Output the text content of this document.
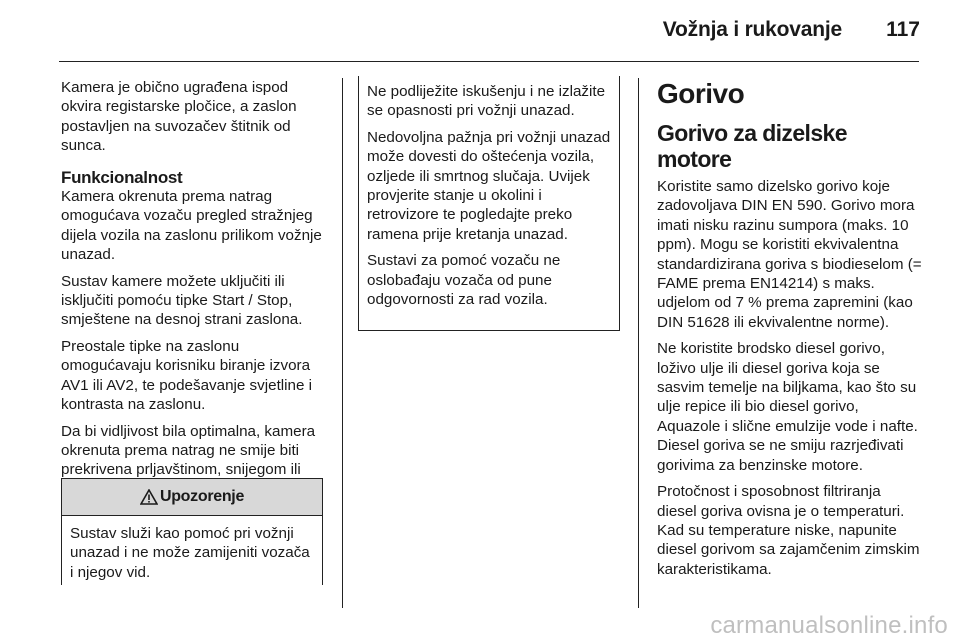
Vožnja i rukovanje 117

Kamera je obično ugrađena ispod okvira registarske pločice, a zaslon postavljen na suvozačev štitnik od sunca.

Funkcionalnost

Kamera okrenuta prema natrag omogućava vozaču pregled stražnjeg dijela vozila na zaslonu prilikom vožnje unazad.

Sustav kamere možete uključiti ili isključiti pomoću tipke Start / Stop, smještene na desnoj strani zaslona.

Preostale tipke na zaslonu omogućavaju korisniku biranje izvora AV1 ili AV2, te podešavanje svjetline i kontrasta na zaslonu.

Da bi vidljivost bila optimalna, kamera okrenuta prema natrag ne smije biti prekrivena prljavštinom, snijegom ili

Upozorenje
Sustav služi kao pomoć pri vožnji unazad i ne može zamijeniti vozača i njegov vid.

Ne podliježite iskušenju i ne izlažite se opasnosti pri vožnji unazad.

Nedovoljna pažnja pri vožnji unazad može dovesti do oštećenja vozila, ozljede ili smrtnog slučaja. Uvijek provjerite stanje u okolini i retrovizore te pogledajte preko ramena prije kretanja unazad.

Sustavi za pomoć vozaču ne oslobađaju vozača od pune odgovornosti za rad vozila.

Gorivo
Gorivo za dizelske motore

Koristite samo dizelsko gorivo koje zadovoljava DIN EN 590. Gorivo mora imati nisku razinu sumpora (maks. 10 ppm). Mogu se koristiti ekvivalentna standardizirana goriva s biodieselom (= FAME prema EN14214) s maks. udjelom od 7 % prema zapremini (kao DIN 51628 ili ekvivalentne norme).

Ne koristite brodsko diesel gorivo, loživo ulje ili diesel goriva koja se sasvim temelje na biljkama, kao što su ulje repice ili bio diesel gorivo, Aquazole i slične emulzije vode i nafte. Diesel goriva se ne smiju razrjeđivati gorivima za benzinske motore.

Protočnost i sposobnost filtriranja diesel goriva ovisna je o temperaturi. Kad su temperature niske, napunite diesel gorivom sa zajamčenim zimskim karakteristikama.

carmanualsonline.info
